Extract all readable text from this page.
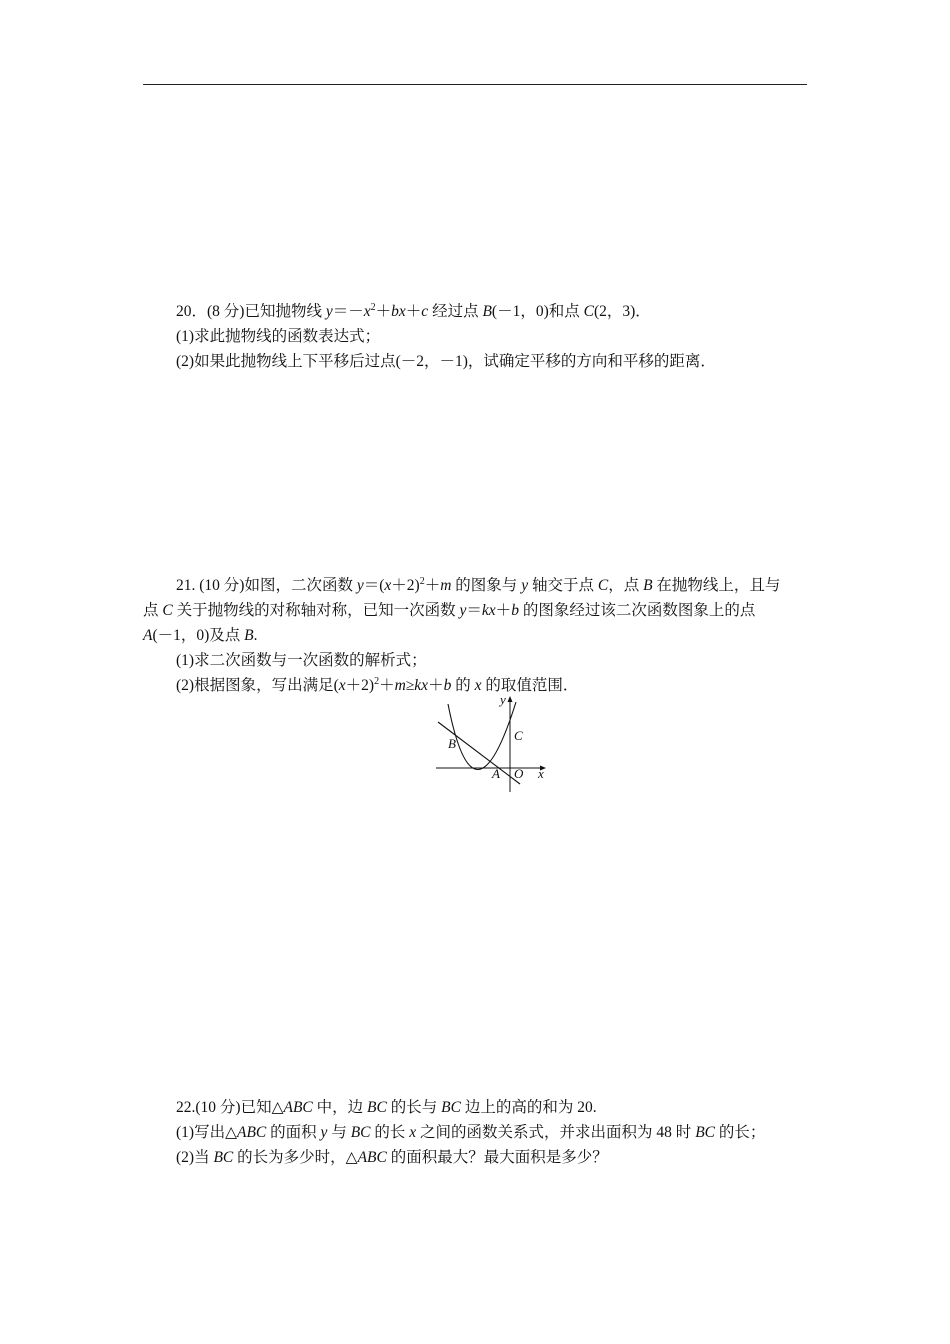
20．(8 分)已知抛物线 $y=-x^2+bx+c$ 经过点 B(－1，0)和点 C(2，3)．
(1)求此抛物线的函数表达式；
(2)如果此抛物线上下平移后过点(－2，－1)，试确定平移的方向和平移的距离．
21. (10 分)如图，二次函数 $y=(x+2)^2+m$ 的图象与 y 轴交于点 C，点 B 在抛物线上，且与
点 C 关于抛物线的对称轴对称，已知一次函数 y＝kx＋b 的图象经过该二次函数图象上的点
A(－1，0)及点 B.
(1)求二次函数与一次函数的解析式；
(2)根据图象，写出满足$(x+2)^2+m\ge kx+b$ 的 x 的取值范围．
y
x
B
C
A O
22.(10 分)已知△ABC 中，边 BC 的长与 BC 边上的高的和为 20.
(1)写出△ABC 的面积 y 与 BC 的长 x 之间的函数关系式，并求出面积为 48 时 BC 的长；
(2)当 BC 的长为多少时，△ABC 的面积最大？最大面积是多少？
